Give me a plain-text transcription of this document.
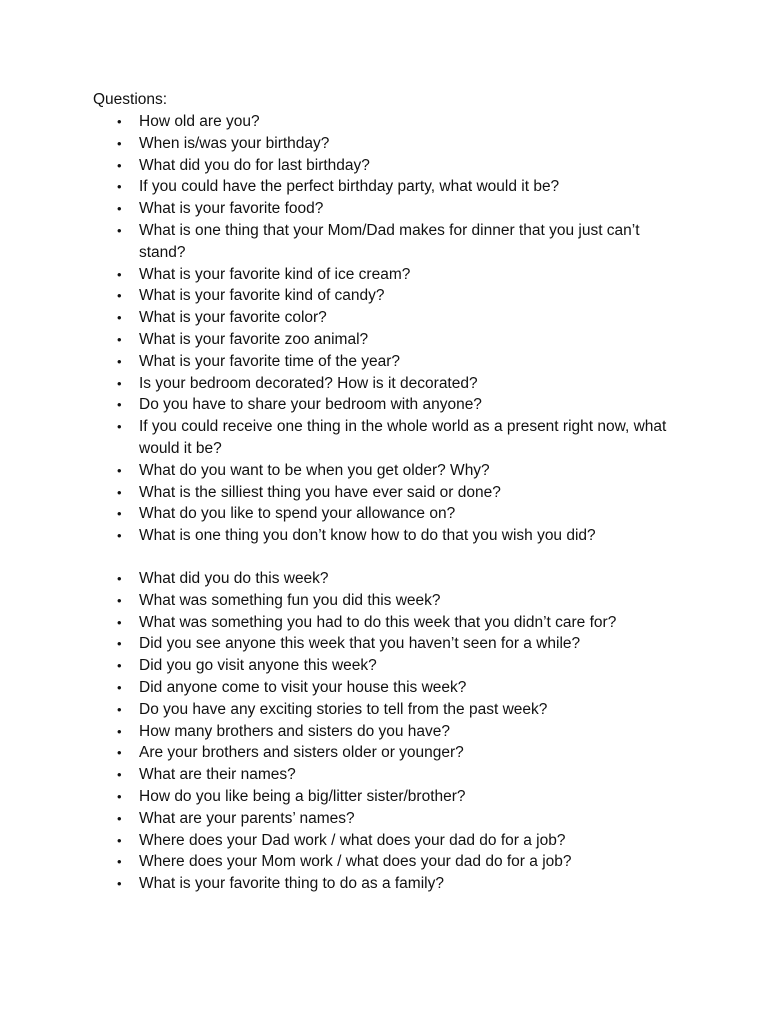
Questions:
• How old are you?
• When is/was your birthday?
• What did you do for last birthday?
• If you could have the perfect birthday party, what would it be?
• What is your favorite food?
• What is one thing that your Mom/Dad makes for dinner that you just can’t stand?
• What is your favorite kind of ice cream?
• What is your favorite kind of candy?
• What is your favorite color?
• What is your favorite zoo animal?
• What is your favorite time of the year?
• Is your bedroom decorated? How is it decorated?
• Do you have to share your bedroom with anyone?
• If you could receive one thing in the whole world as a present right now, what would it be?
• What do you want to be when you get older? Why?
• What is the silliest thing you have ever said or done?
• What do you like to spend your allowance on?
• What is one thing you don’t know how to do that you wish you did?
• What did you do this week?
• What was something fun you did this week?
• What was something you had to do this week that you didn’t care for?
• Did you see anyone this week that you haven’t seen for a while?
• Did you go visit anyone this week?
• Did anyone come to visit your house this week?
• Do you have any exciting stories to tell from the past week?
• How many brothers and sisters do you have?
• Are your brothers and sisters older or younger?
• What are their names?
• How do you like being a big/litter sister/brother?
• What are your parents’ names?
• Where does your Dad work / what does your dad do for a job?
• Where does your Mom work / what does your dad do for a job?
• What is your favorite thing to do as a family?
